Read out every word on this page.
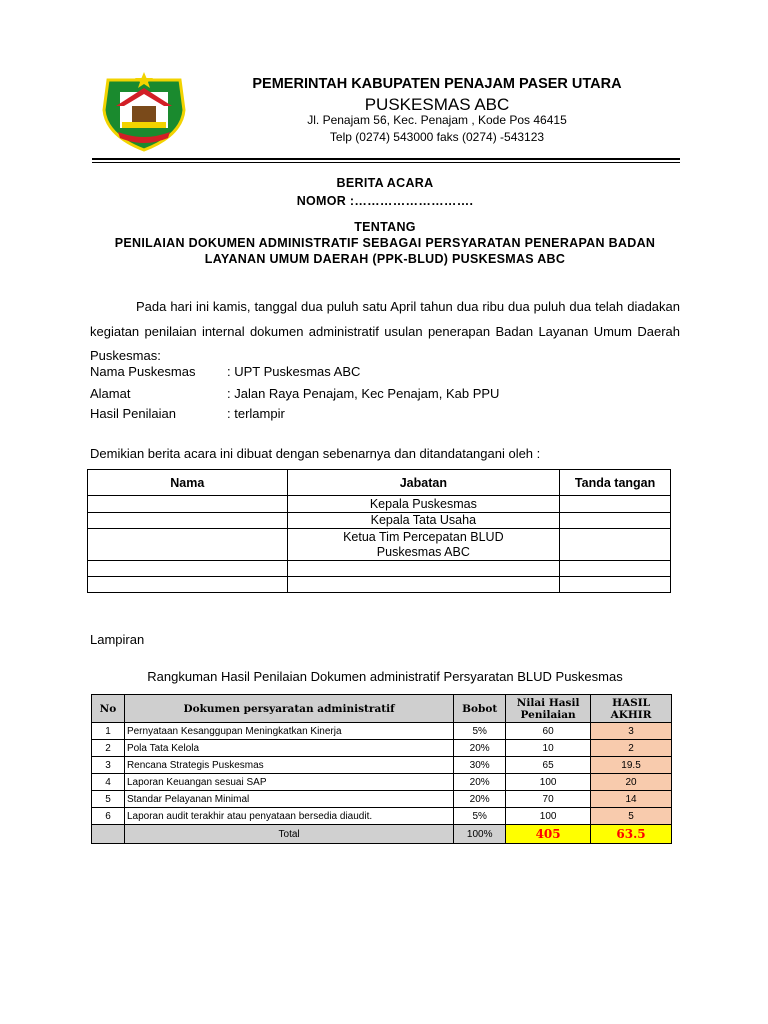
PEMERINTAH KABUPATEN PENAJAM PASER UTARA
PUSKESMAS ABC
Jl. Penajam 56, Kec. Penajam , Kode Pos 46415
Telp (0274) 543000 faks (0274) -543123
BERITA ACARA
NOMOR :……………………….
TENTANG
PENILAIAN DOKUMEN ADMINISTRATIF SEBAGAI PERSYARATAN PENERAPAN BADAN
LAYANAN UMUM DAERAH (PPK-BLUD) PUSKESMAS ABC
Pada hari ini kamis, tanggal dua puluh satu April tahun dua ribu dua puluh dua telah diadakan kegiatan penilaian internal dokumen administratif usulan penerapan Badan Layanan Umum Daerah Puskesmas:
Nama Puskesmas : UPT Puskesmas ABC
Alamat	: Jalan Raya Penajam, Kec Penajam, Kab PPU
Hasil Penilaian	: terlampir
Demikian berita acara ini dibuat dengan sebenarnya dan ditandatangani oleh :
Nama	Jabatan	Tanda tangan
	Kepala Puskesmas	
	Kepala Tata Usaha	
	Ketua Tim Percepatan BLUD Puskesmas ABC	

Lampiran
Rangkuman Hasil Penilaian Dokumen administratif Persyaratan BLUD Puskesmas
No	Dokumen persyaratan administratif	Bobot	Nilai Hasil Penilaian	HASIL AKHIR
1	Pernyataan Kesanggupan Meningkatkan Kinerja	5%	60	3
2	Pola Tata Kelola	20%	10	2
3	Rencana Strategis Puskesmas	30%	65	19.5
4	Laporan Keuangan sesuai SAP	20%	100	20
5	Standar Pelayanan Minimal	20%	70	14
6	Laporan audit terakhir atau penyataan bersedia diaudit.	5%	100	5
	Total	100%	405	63.5
